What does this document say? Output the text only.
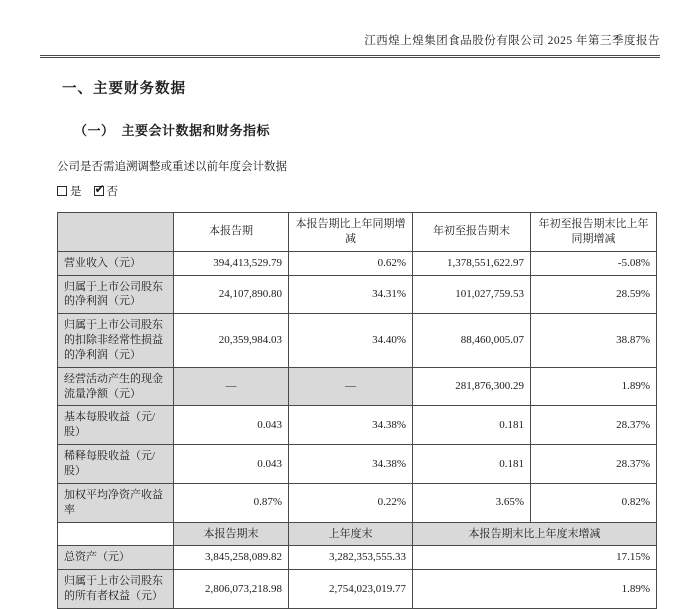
江西煌上煌集团食品股份有限公司 2025 年第三季度报告
一、主要财务数据
（一）　主要会计数据和财务指标
公司是否需追溯调整或重述以前年度会计数据
是 ✔ 否
	本报告期	本报告期比上年同期增减	年初至报告期末	年初至报告期末比上年同期增减
营业收入（元）	394,413,529.79	0.62%	1,378,551,622.97	-5.08%
归属于上市公司股东的净利润（元）	24,107,890.80	34.31%	101,027,759.53	28.59%
归属于上市公司股东的扣除非经常性损益的净利润（元）	20,359,984.03	34.40%	88,460,005.07	38.87%
经营活动产生的现金流量净额（元）	—	—	281,876,300.29	1.89%
基本每股收益（元/股）	0.043	34.38%	0.181	28.37%
稀释每股收益（元/股）	0.043	34.38%	0.181	28.37%
加权平均净资产收益率	0.87%	0.22%	3.65%	0.82%
	本报告期末	上年度末	本报告期末比上年度末增减	
总资产（元）	3,845,258,089.82	3,282,353,555.33	17.15%	
归属于上市公司股东的所有者权益（元）	2,806,073,218.98	2,754,023,019.77	1.89%	
